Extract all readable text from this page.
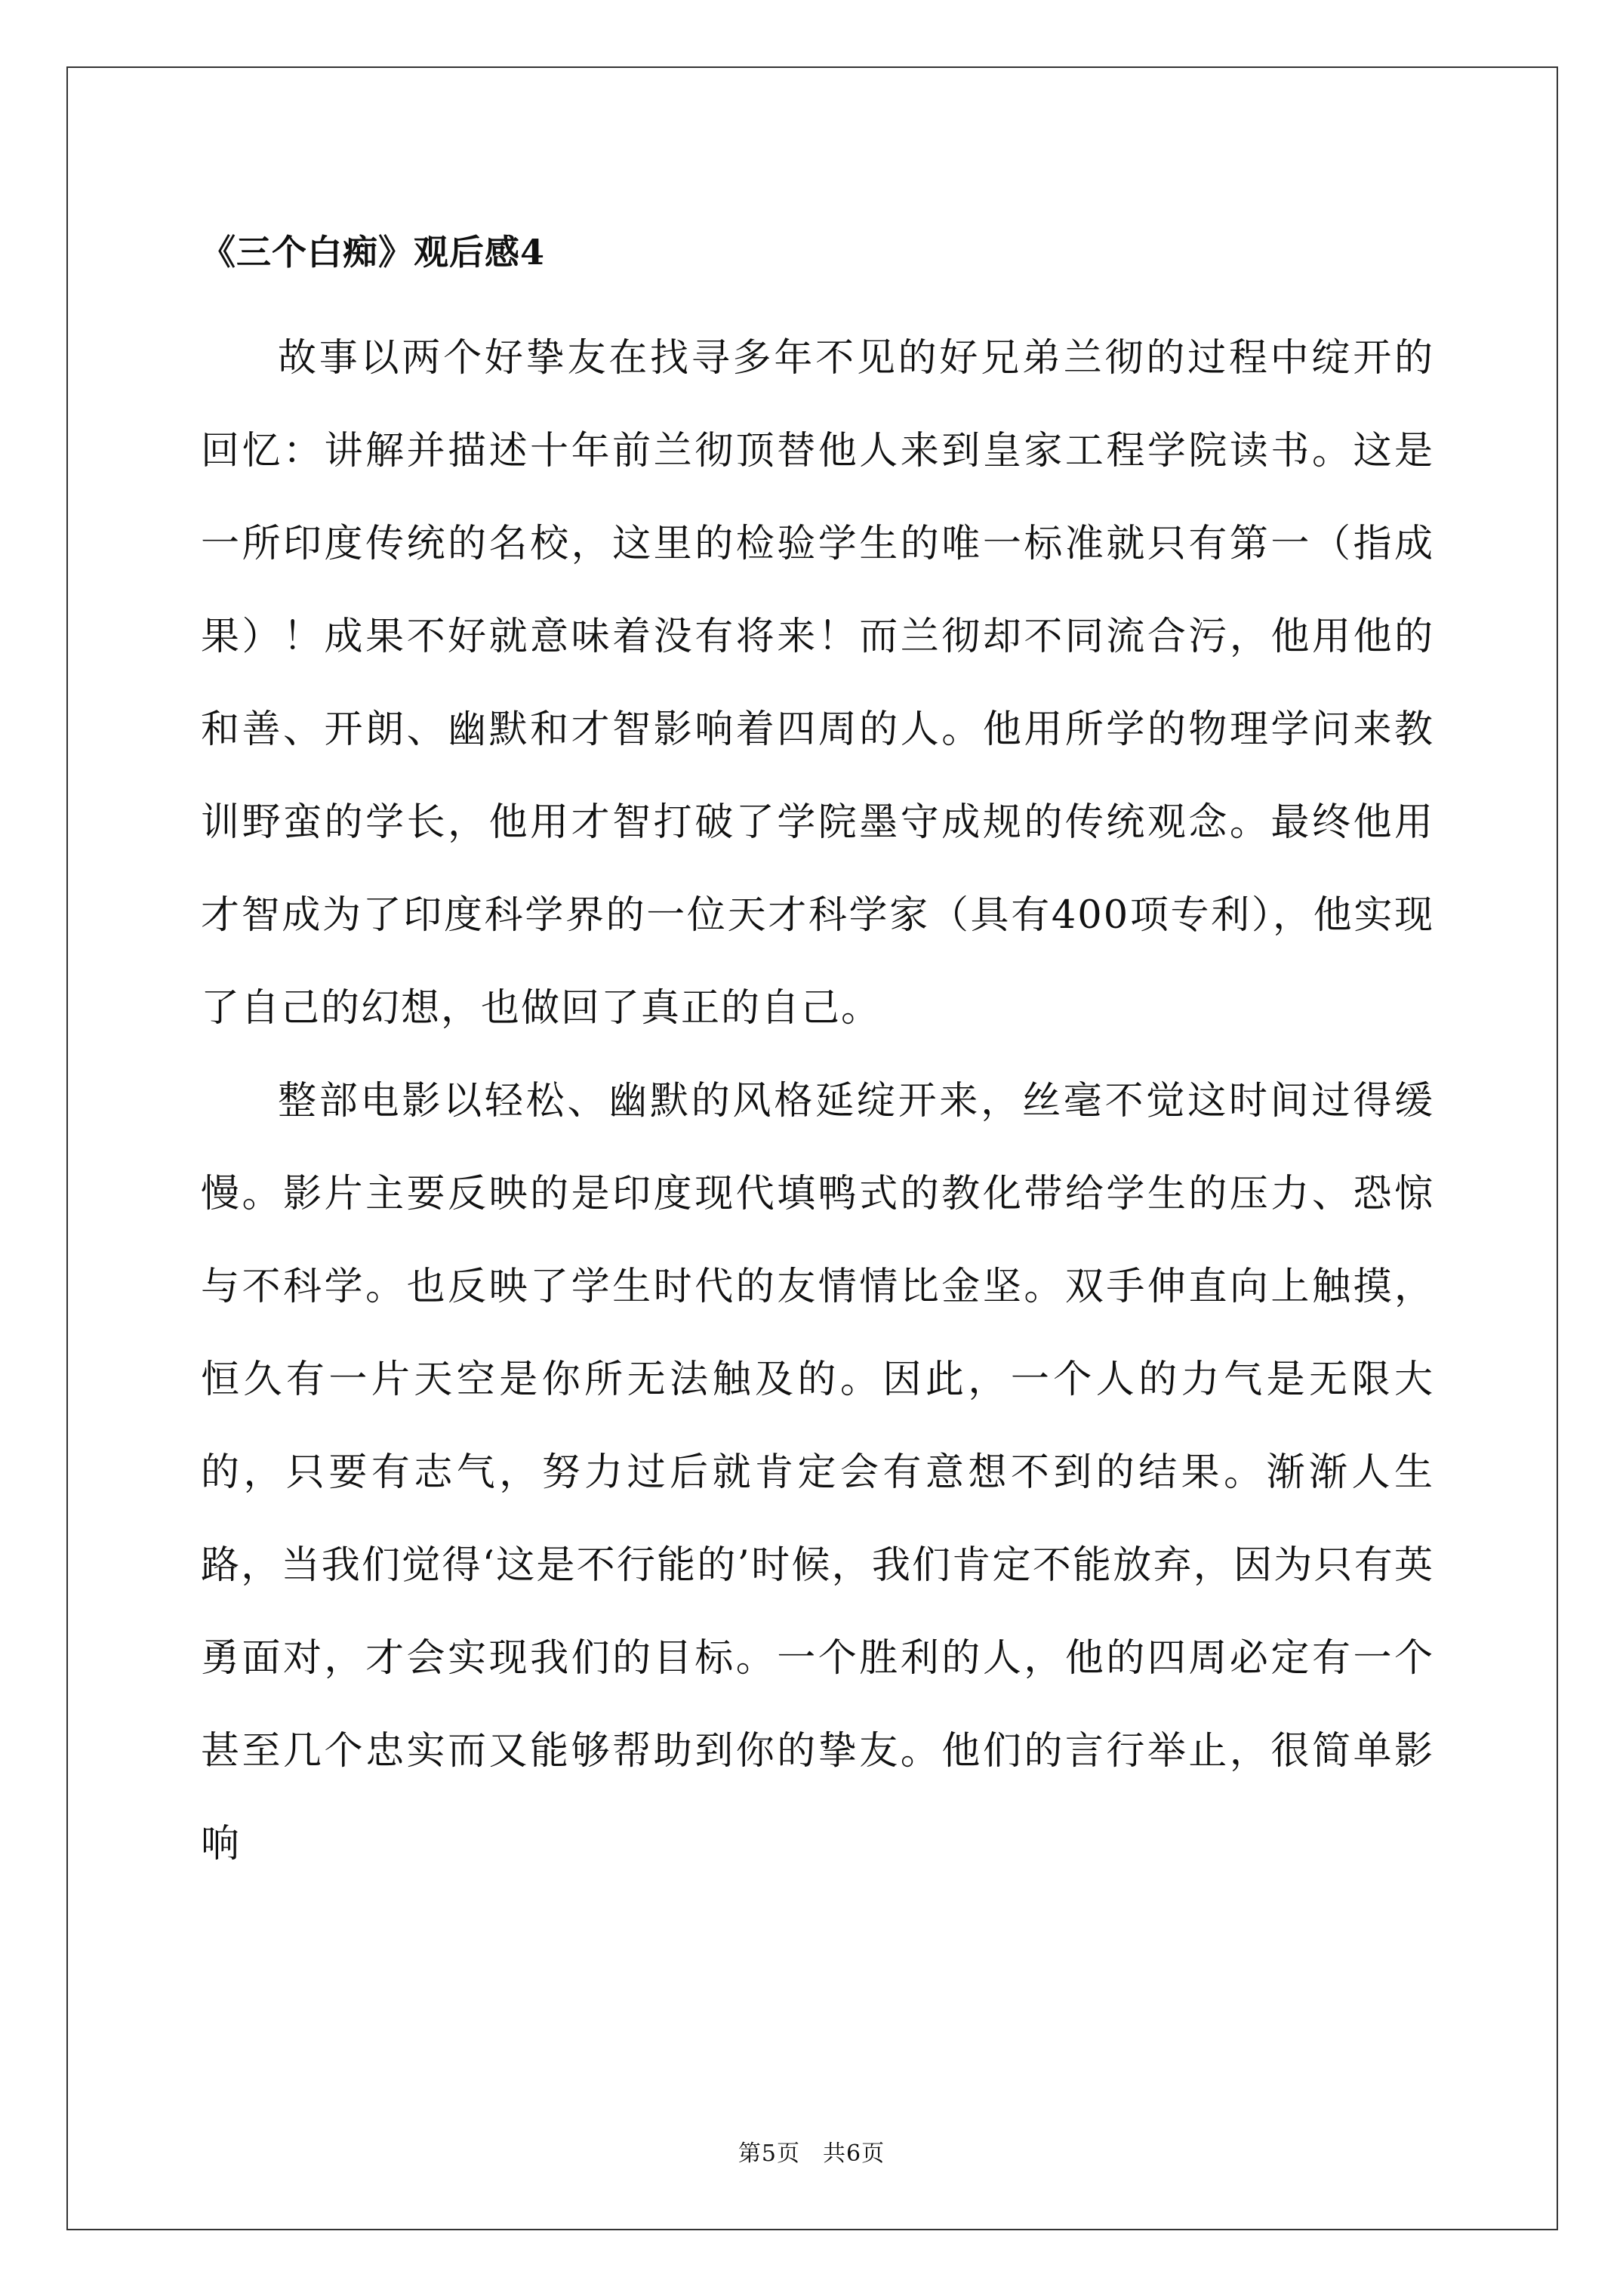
《三个白痴》观后感4

故事以两个好挚友在找寻多年不见的好兄弟兰彻的过程中绽开的回忆：讲解并描述十年前兰彻顶替他人来到皇家工程学院读书。这是一所印度传统的名校，这里的检验学生的唯一标准就只有第一（指成果）！成果不好就意味着没有将来！而兰彻却不同流合污，他用他的和善、开朗、幽默和才智影响着四周的人。他用所学的物理学问来教训野蛮的学长，他用才智打破了学院墨守成规的传统观念。最终他用才智成为了印度科学界的一位天才科学家（具有400项专利），他实现了自己的幻想，也做回了真正的自己。

整部电影以轻松、幽默的风格延绽开来，丝毫不觉这时间过得缓慢。影片主要反映的是印度现代填鸭式的教化带给学生的压力、恐惊与不科学。也反映了学生时代的友情情比金坚。双手伸直向上触摸，恒久有一片天空是你所无法触及的。因此，一个人的力气是无限大的，只要有志气，努力过后就肯定会有意想不到的结果。渐渐人生路，当我们觉得‘这是不行能的’时候，我们肯定不能放弃，因为只有英勇面对，才会实现我们的目标。一个胜利的人，他的四周必定有一个甚至几个忠实而又能够帮助到你的挚友。他们的言行举止，很简单影响

第5页 共6页
